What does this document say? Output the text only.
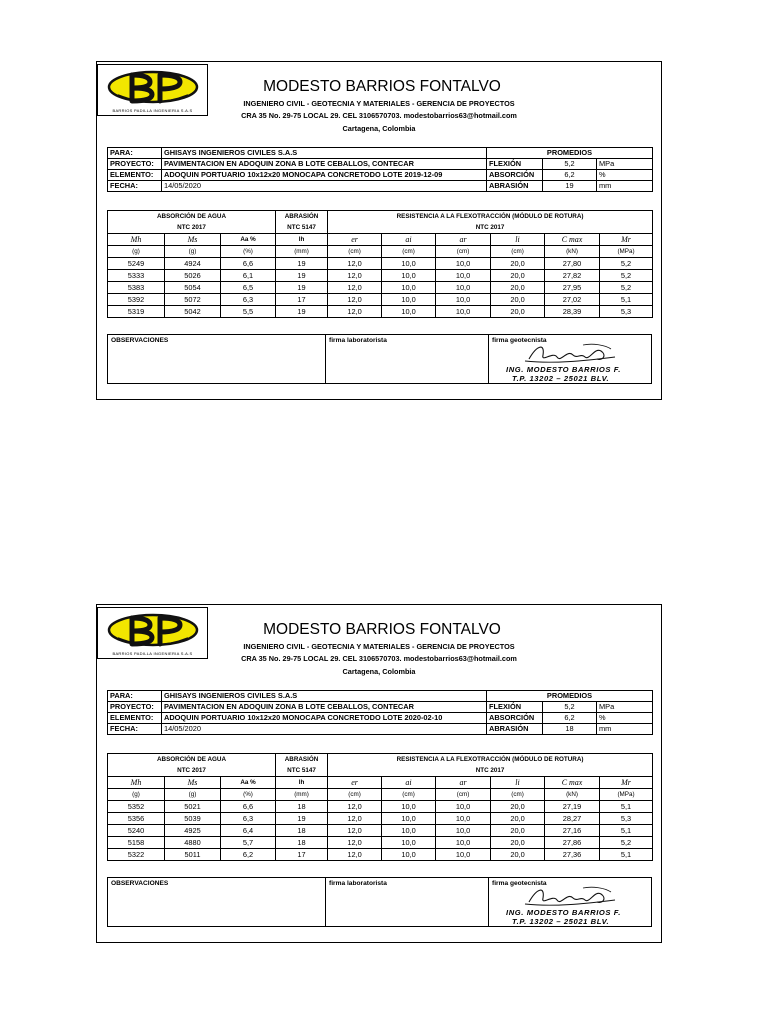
BARRIOS PADILLA INGENIERIA S.A.S
MODESTO BARRIOS FONTALVO
INGENIERO CIVIL - GEOTECNIA Y MATERIALES - GERENCIA DE PROYECTOS
CRA 35 No. 29-75 LOCAL 29. CEL 3106570703. modestobarrios63@hotmail.com
Cartagena, Colombia
PARA:	GHISAYS INGENIEROS CIVILES S.A.S	PROMEDIOS		
PROYECTO:	PAVIMENTACION EN ADOQUIN ZONA B LOTE CEBALLOS, CONTECAR	FLEXIÓN	5,2	MPa
ELEMENTO:	ADOQUIN PORTUARIO 10x12x20 MONOCAPA CONCRETODO LOTE 2019-12-09	ABSORCIÓN	6,2	%
FECHA:	14/05/2020	ABRASIÓN	19	mm
ABSORCIÓN DE AGUA			ABRASIÓN	RESISTENCIA A LA FLEXOTRACCIÓN (MÓDULO DE ROTURA)					
NTC 2017			NTC 5147	NTC 2017					
Mh	Ms	Aa %	lh	er	ai	ar	li	C max	Mr
(g)	(g)	(%)	(mm)	(cm)	(cm)	(cm)	(cm)	(kN)	(MPa)
5249	4924	6,6	19	12,0	10,0	10,0	20,0	27,80	5,2
5333	5026	6,1	19	12,0	10,0	10,0	20,0	27,82	5,2
5383	5054	6,5	19	12,0	10,0	10,0	20,0	27,95	5,2
5392	5072	6,3	17	12,0	10,0	10,0	20,0	27,02	5,1
5319	5042	5,5	19	12,0	10,0	10,0	20,0	28,39	5,3
OBSERVACIONES	firma laboratorista	firma geotecnista
ING. MODESTO BARRIOS F.
T.P. 13202 – 25021 BLV.
BARRIOS PADILLA INGENIERIA S.A.S
MODESTO BARRIOS FONTALVO
INGENIERO CIVIL - GEOTECNIA Y MATERIALES - GERENCIA DE PROYECTOS
CRA 35 No. 29-75 LOCAL 29. CEL 3106570703. modestobarrios63@hotmail.com
Cartagena, Colombia
PARA:	GHISAYS INGENIEROS CIVILES S.A.S	PROMEDIOS		
PROYECTO:	PAVIMENTACION EN ADOQUIN ZONA B LOTE CEBALLOS, CONTECAR	FLEXIÓN	5,2	MPa
ELEMENTO:	ADOQUIN PORTUARIO 10x12x20 MONOCAPA CONCRETODO LOTE 2020-02-10	ABSORCIÓN	6,2	%
FECHA:	14/05/2020	ABRASIÓN	18	mm
ABSORCIÓN DE AGUA			ABRASIÓN	RESISTENCIA A LA FLEXOTRACCIÓN (MÓDULO DE ROTURA)					
NTC 2017			NTC 5147	NTC 2017					
Mh	Ms	Aa %	lh	er	ai	ar	li	C max	Mr
(g)	(g)	(%)	(mm)	(cm)	(cm)	(cm)	(cm)	(kN)	(MPa)
5352	5021	6,6	18	12,0	10,0	10,0	20,0	27,19	5,1
5356	5039	6,3	19	12,0	10,0	10,0	20,0	28,27	5,3
5240	4925	6,4	18	12,0	10,0	10,0	20,0	27,16	5,1
5158	4880	5,7	18	12,0	10,0	10,0	20,0	27,86	5,2
5322	5011	6,2	17	12,0	10,0	10,0	20,0	27,36	5,1
OBSERVACIONES	firma laboratorista	firma geotecnista
ING. MODESTO BARRIOS F.
T.P. 13202 – 25021 BLV.
